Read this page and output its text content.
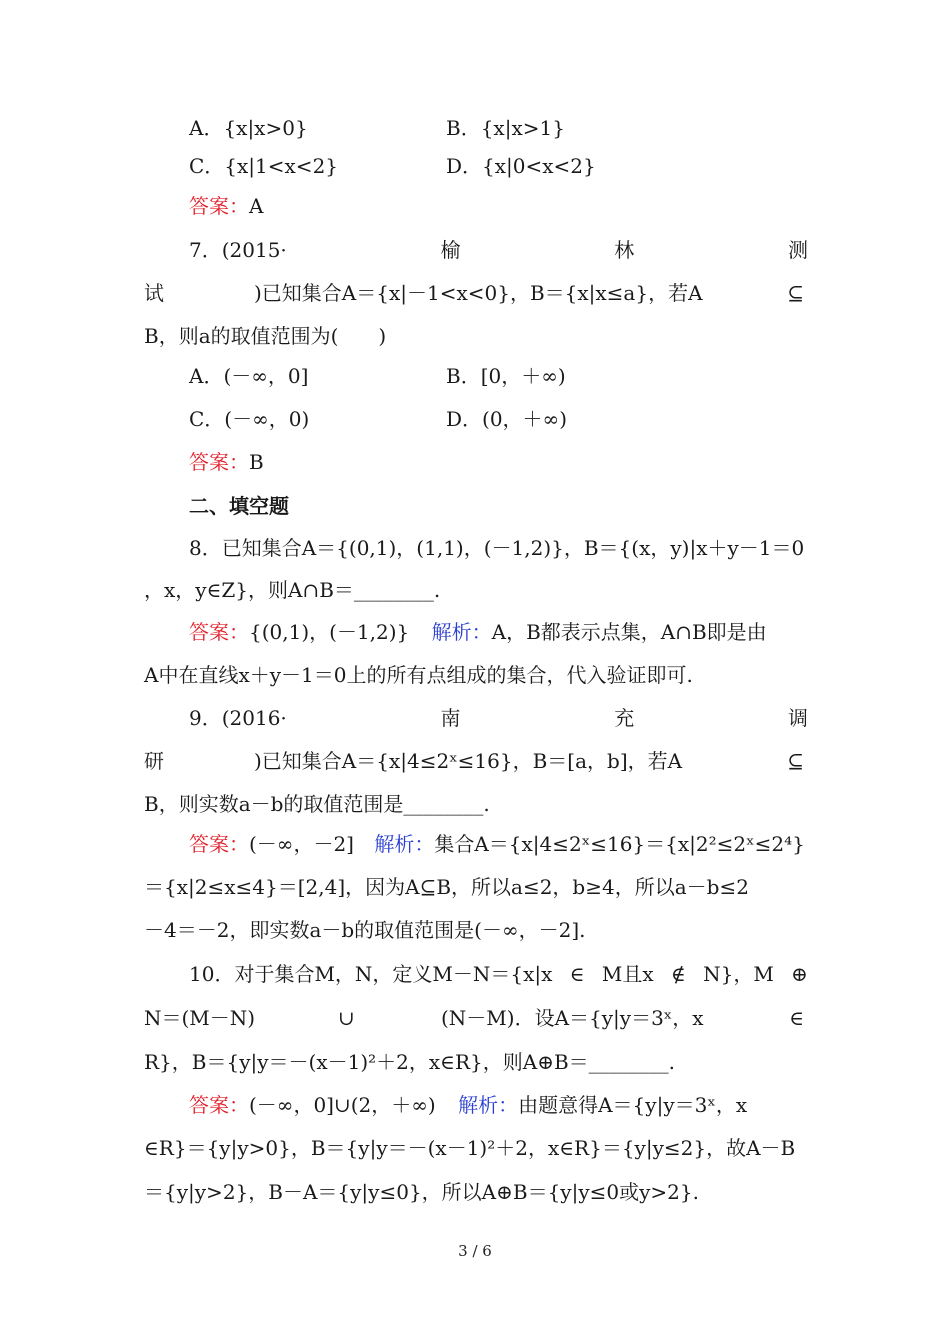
A．{x|x>0}	B．{x|x>1}
C．{x|1<x<2}	D．{x|0<x<2}
答案：A
7．(2015·	榆	林	测
试	)已知集合A＝{x|－1<x<0}，B＝{x|x≤a}，若A	⊆
B，则a的取值范围为(　　)
A．(－∞，0]	B．[0，＋∞)
C．(－∞，0)	D．(0，＋∞)
答案：B
二、填空题
8．已知集合A＝{(0,1)，(1,1)，(－1,2)}，B＝{(x，y)|x＋y－1＝0
，x，y∈Z}，则A∩B＝________.
答案：{(0,1)，(－1,2)} 解析：A，B都表示点集，A∩B即是由
A中在直线x＋y－1＝0上的所有点组成的集合，代入验证即可.
9．(2016·	南	充	调
研	)已知集合A＝{x|4≤2ˣ≤16}，B＝[a，b]，若A	⊆
B，则实数a－b的取值范围是________.
答案：(－∞，－2] 解析：集合A＝{x|4≤2ˣ≤16}＝{x|2²≤2ˣ≤2⁴}
＝{x|2≤x≤4}＝[2,4]，因为A⊆B，所以a≤2，b≥4，所以a－b≤2
－4＝－2，即实数a－b的取值范围是(－∞，－2].
10．对于集合M，N，定义M－N＝{x|x ∈ M且x ∉ N}，M ⊕
N＝(M－N)	∪	(N－M)．设A＝{y|y＝3ˣ，x	∈
R}，B＝{y|y＝－(x－1)²＋2，x∈R}，则A⊕B＝________.
答案：(－∞，0]∪(2，＋∞) 解析：由题意得A＝{y|y＝3ˣ，x
∈R}＝{y|y>0}，B＝{y|y＝－(x－1)²＋2，x∈R}＝{y|y≤2}，故A－B
＝{y|y>2}，B－A＝{y|y≤0}，所以A⊕B＝{y|y≤0或y>2}.
3 / 6
